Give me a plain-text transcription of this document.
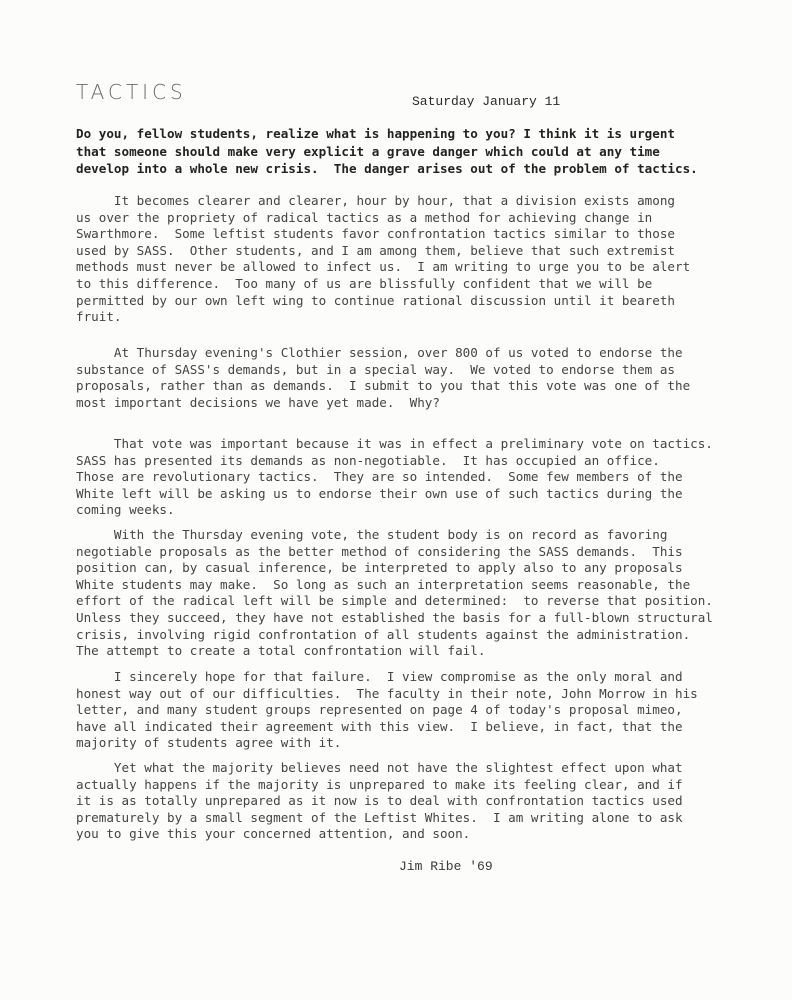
TACTICS	Saturday January 11
Do you, fellow students, realize what is happening to you? I think it is urgent
that someone should make very explicit a grave danger which could at any time
develop into a whole new crisis.  The danger arises out of the problem of tactics.
It becomes clearer and clearer, hour by hour, that a division exists among
us over the propriety of radical tactics as a method for achieving change in
Swarthmore.  Some leftist students favor confrontation tactics similar to those
used by SASS.  Other students, and I am among them, believe that such extremist
methods must never be allowed to infect us.  I am writing to urge you to be alert
to this difference.  Too many of us are blissfully confident that we will be
permitted by our own left wing to continue rational discussion until it beareth
fruit.
At Thursday evening's Clothier session, over 800 of us voted to endorse the
substance of SASS's demands, but in a special way.  We voted to endorse them as
proposals, rather than as demands.  I submit to you that this vote was one of the
most important decisions we have yet made.  Why?
That vote was important because it was in effect a preliminary vote on tactics.
SASS has presented its demands as non-negotiable.  It has occupied an office.
Those are revolutionary tactics.  They are so intended.  Some few members of the
White left will be asking us to endorse their own use of such tactics during the
coming weeks.
With the Thursday evening vote, the student body is on record as favoring
negotiable proposals as the better method of considering the SASS demands.  This
position can, by casual inference, be interpreted to apply also to any proposals
White students may make.  So long as such an interpretation seems reasonable, the
effort of the radical left will be simple and determined:  to reverse that position.
Unless they succeed, they have not established the basis for a full-blown structural
crisis, involving rigid confrontation of all students against the administration.
The attempt to create a total confrontation will fail.
I sincerely hope for that failure.  I view compromise as the only moral and
honest way out of our difficulties.  The faculty in their note, John Morrow in his
letter, and many student groups represented on page 4 of today's proposal mimeo,
have all indicated their agreement with this view.  I believe, in fact, that the
majority of students agree with it.
Yet what the majority believes need not have the slightest effect upon what
actually happens if the majority is unprepared to make its feeling clear, and if
it is as totally unprepared as it now is to deal with confrontation tactics used
prematurely by a small segment of the Leftist Whites.  I am writing alone to ask
you to give this your concerned attention, and soon.
Jim Ribe '69
